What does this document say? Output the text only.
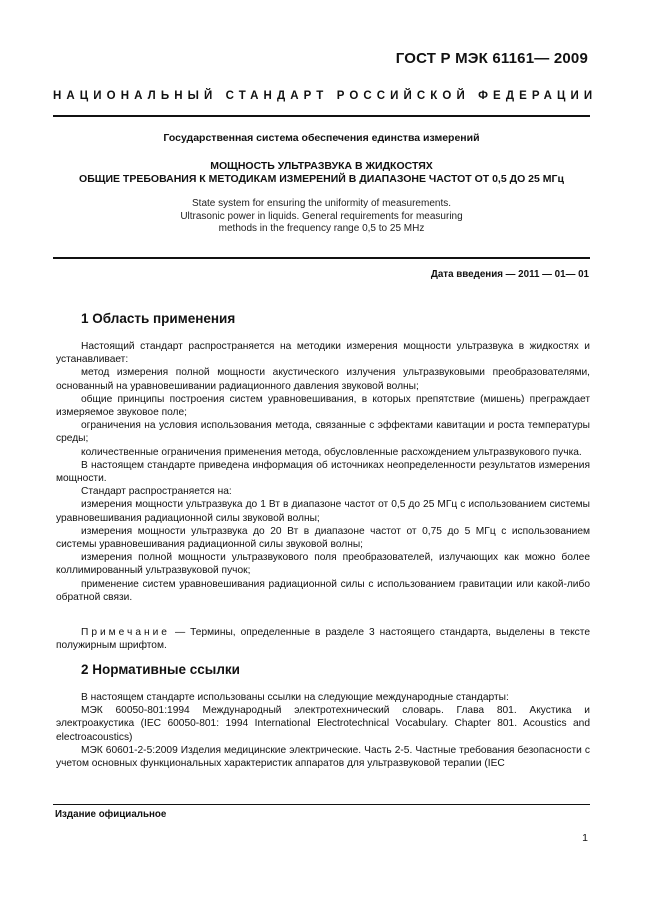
ГОСТ Р МЭК 61161— 2009
НАЦИОНАЛЬНЫЙ СТАНДАРТ РОССИЙСКОЙ ФЕДЕРАЦИИ
Государственная система обеспечения единства измерений
МОЩНОСТЬ УЛЬТРАЗВУКА В ЖИДКОСТЯХ
ОБЩИЕ ТРЕБОВАНИЯ К МЕТОДИКАМ ИЗМЕРЕНИЙ В ДИАПАЗОНЕ ЧАСТОТ ОТ 0,5 ДО 25 МГц
State system for ensuring the uniformity of measurements.
Ultrasonic power in liquids. General requirements for measuring
methods in the frequency range 0,5 to 25 MHz
Дата введения — 2011 — 01— 01
1 Область применения

Настоящий стандарт распространяется на методики измерения мощности ультразвука в жидкостях и устанавливает:

метод измерения полной мощности акустического излучения ультразвуковыми преобразователями, основанный на уравновешивании радиационного давления звуковой волны;

общие принципы построения систем уравновешивания, в которых препятствие (мишень) преграждает измеряемое звуковое поле;

ограничения на условия использования метода, связанные с эффектами кавитации и роста температуры среды;

количественные ограничения применения метода, обусловленные расхождением ультразвукового пучка.

В настоящем стандарте приведена информация об источниках неопределенности результатов измерения мощности.

Стандарт распространяется на:

измерения мощности ультразвука до 1 Вт в диапазоне частот от 0,5 до 25 МГц с использованием системы уравновешивания радиационной силы звуковой волны;

измерения мощности ультразвука до 20 Вт в диапазоне частот от 0,75 до 5 МГц с использованием системы уравновешивания радиационной силы звуковой волны;

измерения полной мощности ультразвукового поля преобразователей, излучающих как можно более коллимированный ультразвуковой пучок;

применение систем уравновешивания радиационной силы с использованием гравитации или какой-либо обратной связи.

Примечание — Термины, определенные в разделе 3 настоящего стандарта, выделены в тексте полужирным шрифтом.

2 Нормативные ссылки

В настоящем стандарте использованы ссылки на следующие международные стандарты:

МЭК 60050-801:1994 Международный электротехнический словарь. Глава 801. Акустика и электроакустика (IEC 60050-801: 1994 International Electrotechnical Vocabulary. Chapter 801. Acoustics and electroacoustics)

МЭК 60601-2-5:2009 Изделия медицинские электрические. Часть 2-5. Частные требования безопасности с учетом основных функциональных характеристик аппаратов для ультразвуковой терапии (IEC

Издание официальное
1
